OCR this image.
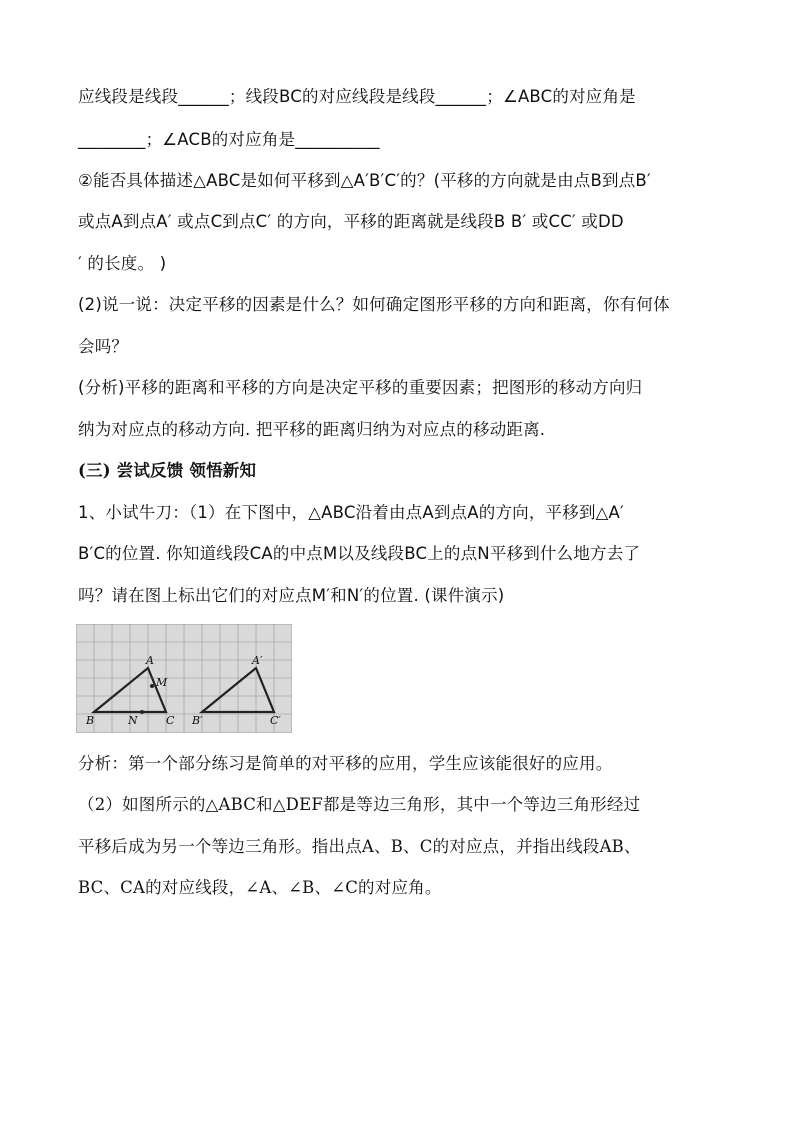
应线段是线段______；线段BC的对应线段是线段______；∠ABC的对应角是
________；∠ACB的对应角是__________
②能否具体描述△ABC是如何平移到△A′B′C′的？(平移的方向就是由点B到点B′
或点A到点A′ 或点C到点C′ 的方向，平移的距离就是线段B B′ 或CC′ 或DD
′ 的长度。 )
(2)说一说：决定平移的因素是什么？如何确定图形平移的方向和距离，你有何体
会吗？
(分析)平移的距离和平移的方向是决定平移的重要因素；把图形的移动方向归
纳为对应点的移动方向. 把平移的距离归纳为对应点的移动距离.
(三) 尝试反馈 领悟新知
1、小试牛刀：（1）在下图中，△ABC沿着由点A到点A的方向，平移到△A′
B′C的位置. 你知道线段CA的中点M以及线段BC上的点N平移到什么地方去了
吗？请在图上标出它们的对应点M′和N′的位置. (课件演示)
A
M
B	N	C
A′
B′	C′
分析：第一个部分练习是简单的对平移的应用，学生应该能很好的应用。
（2）如图所示的△ABC和△DEF都是等边三角形，其中一个等边三角形经过
平移后成为另一个等边三角形。指出点A、B、C的对应点，并指出线段AB、
BC、CA的对应线段，∠A、∠B、∠C的对应角。
